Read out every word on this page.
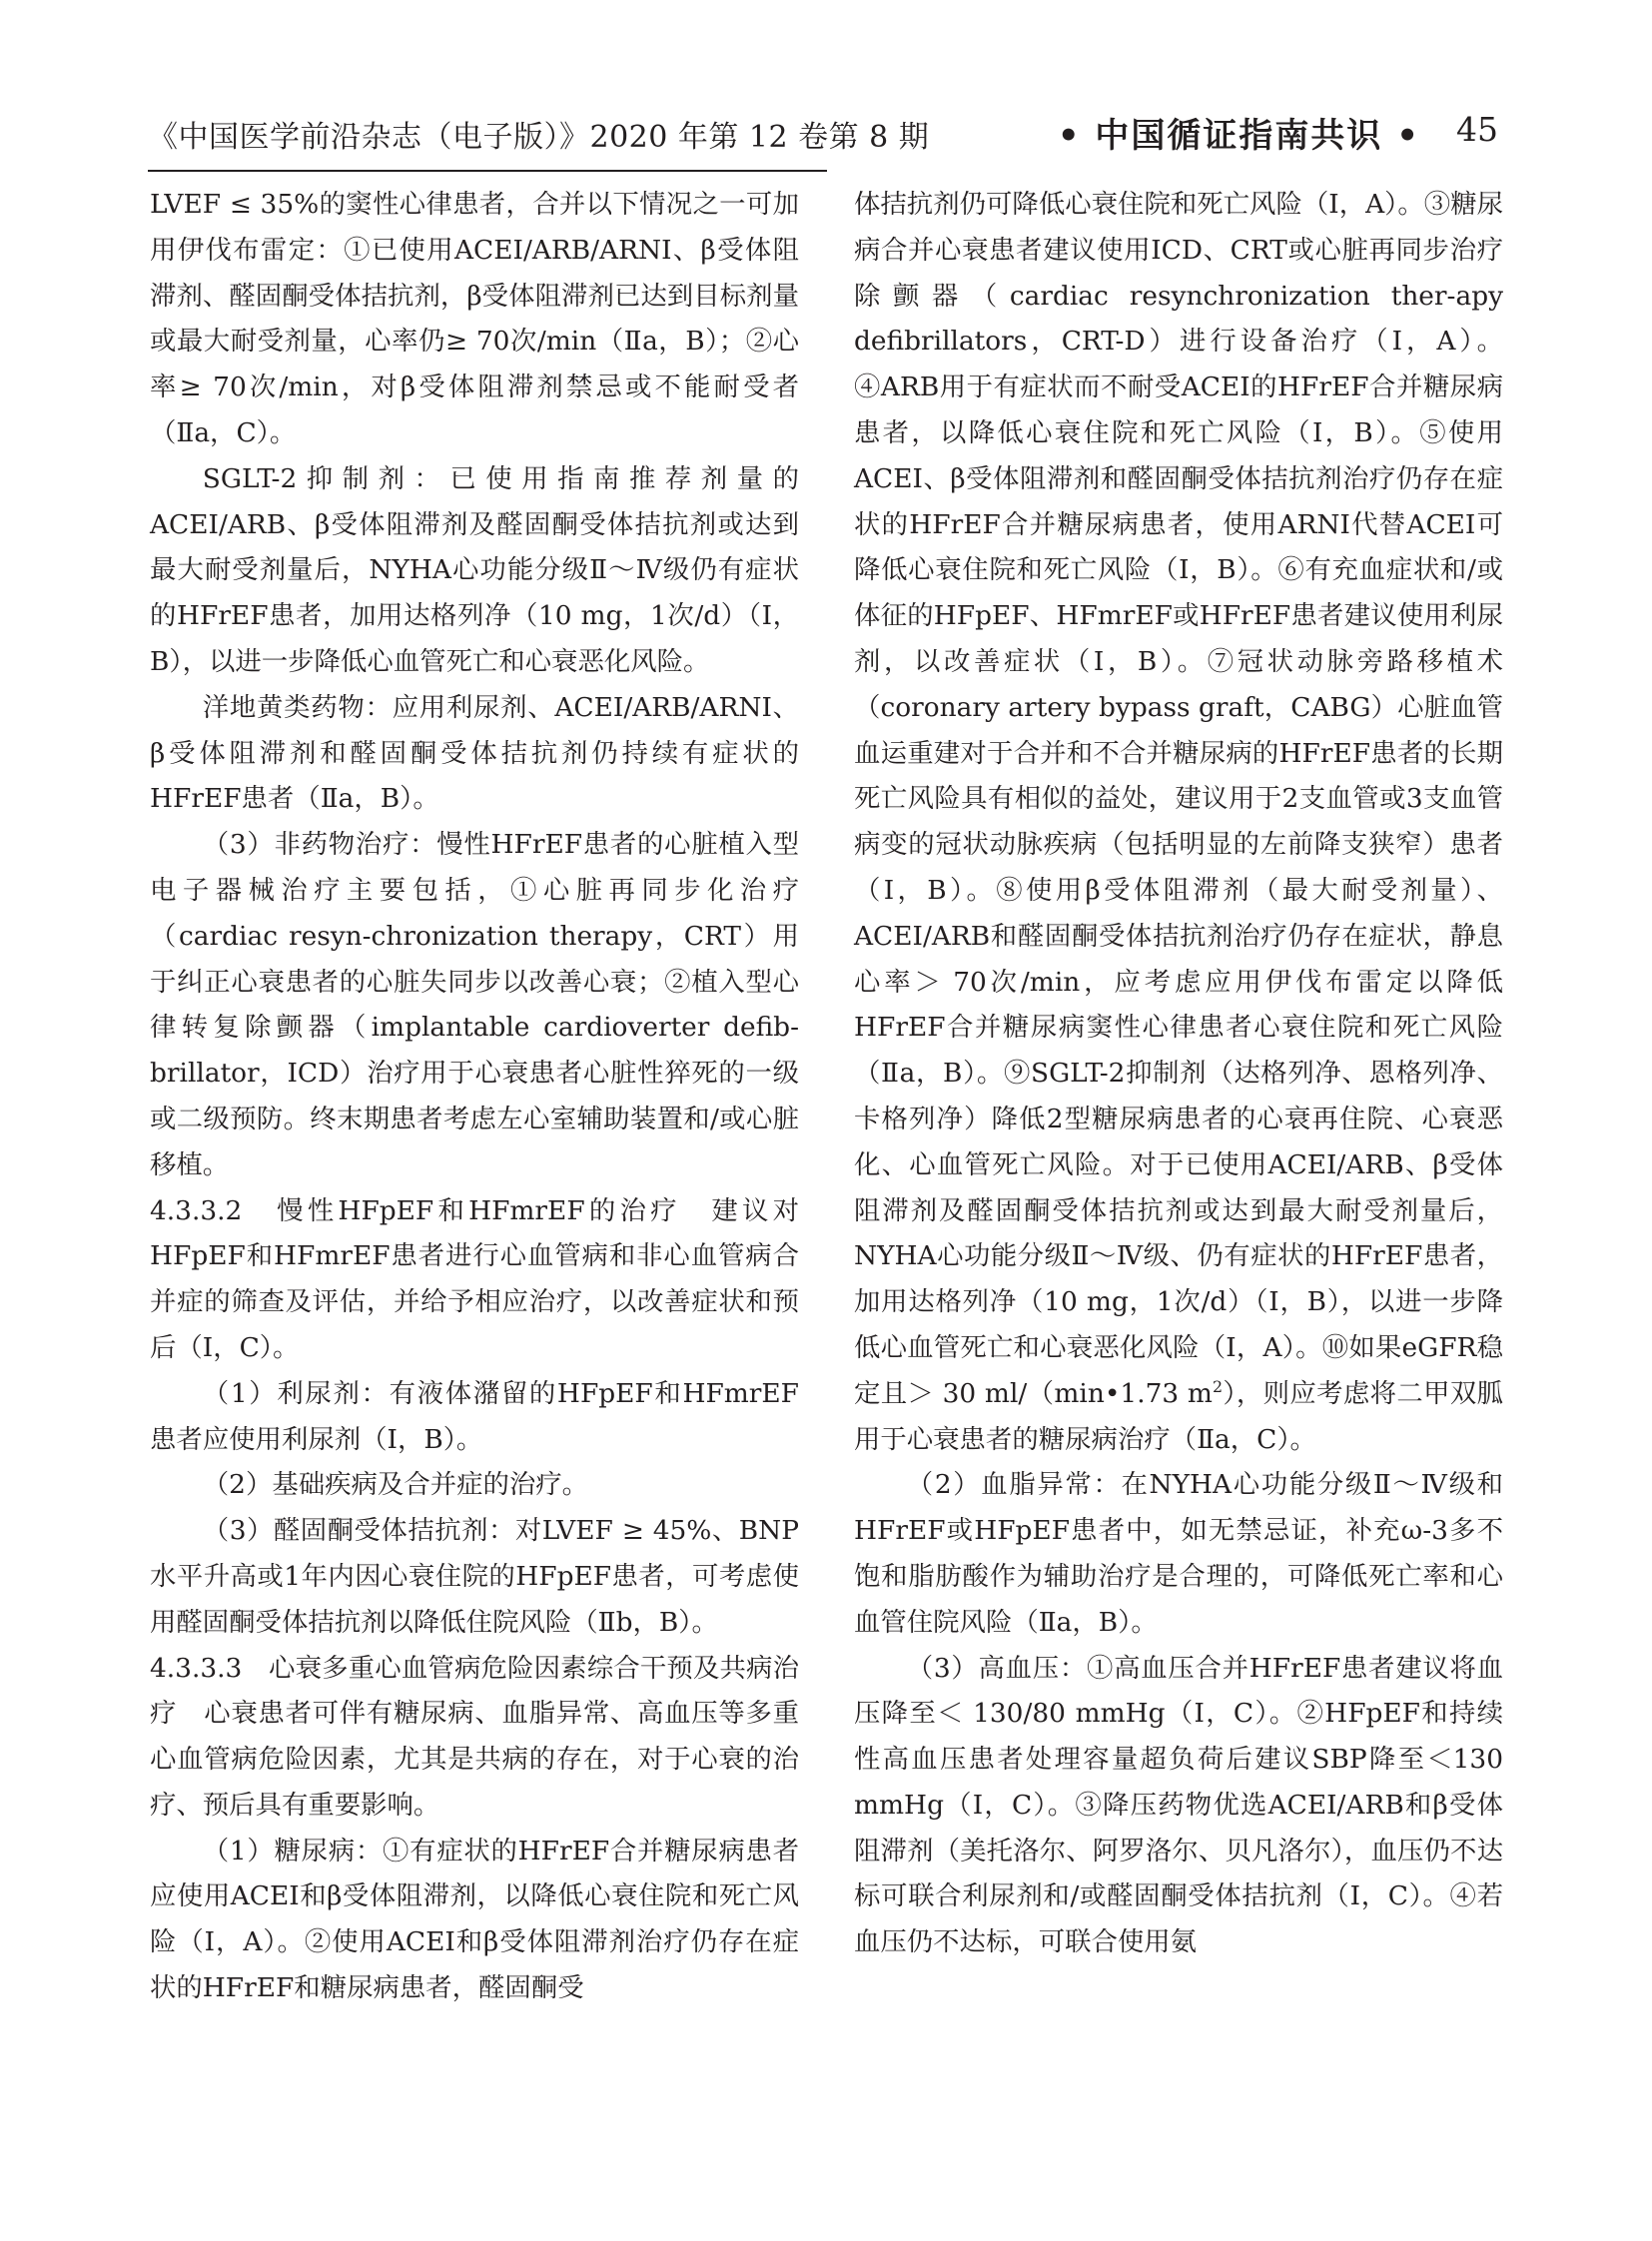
《中国医学前沿杂志（电子版）》2020 年第 12 卷第 8 期	• 中国循证指南共识 • 45

LVEF ≤ 35%的窦性心律患者，合并以下情况之一可加用伊伐布雷定：①已使用ACEI/ARB/ARNI、β受体阻滞剂、醛固酮受体拮抗剂，β受体阻滞剂已达到目标剂量或最大耐受剂量，心率仍≥ 70次/min（Ⅱa，B）；②心率≥ 70次/min，对β受体阻滞剂禁忌或不能耐受者（Ⅱa，C）。

SGLT-2抑制剂：已使用指南推荐剂量的ACEI/ARB、β受体阻滞剂及醛固酮受体拮抗剂或达到最大耐受剂量后，NYHA心功能分级Ⅱ～Ⅳ级仍有症状的HFrEF患者，加用达格列净（10 mg，1次/d）（Ⅰ，B），以进一步降低心血管死亡和心衰恶化风险。

洋地黄类药物：应用利尿剂、ACEI/ARB/ARNI、β受体阻滞剂和醛固酮受体拮抗剂仍持续有症状的HFrEF患者（Ⅱa，B）。

（3）非药物治疗：慢性HFrEF患者的心脏植入型电子器械治疗主要包括，①心脏再同步化治疗（cardiac resyn-chronization therapy，CRT）用于纠正心衰患者的心脏失同步以改善心衰；②植入型心律转复除颤器（implantable cardioverter defib-brillator，ICD）治疗用于心衰患者心脏性猝死的一级或二级预防。终末期患者考虑左心室辅助装置和/或心脏移植。

4.3.3.2　慢性HFpEF和HFmrEF的治疗　建议对HFpEF和HFmrEF患者进行心血管病和非心血管病合并症的筛查及评估，并给予相应治疗，以改善症状和预后（Ⅰ，C）。

（1）利尿剂：有液体潴留的HFpEF和HFmrEF患者应使用利尿剂（Ⅰ，B）。

（2）基础疾病及合并症的治疗。

（3）醛固酮受体拮抗剂：对LVEF ≥ 45%、BNP水平升高或1年内因心衰住院的HFpEF患者，可考虑使用醛固酮受体拮抗剂以降低住院风险（Ⅱb，B）。

4.3.3.3　心衰多重心血管病危险因素综合干预及共病治疗　心衰患者可伴有糖尿病、血脂异常、高血压等多重心血管病危险因素，尤其是共病的存在，对于心衰的治疗、预后具有重要影响。

（1）糖尿病：①有症状的HFrEF合并糖尿病患者应使用ACEI和β受体阻滞剂，以降低心衰住院和死亡风险（Ⅰ，A）。②使用ACEI和β受体阻滞剂治疗仍存在症状的HFrEF和糖尿病患者，醛固酮受

体拮抗剂仍可降低心衰住院和死亡风险（Ⅰ，A）。③糖尿病合并心衰患者建议使用ICD、CRT或心脏再同步治疗除颤器（cardiac resynchronization ther-apy defibrillators，CRT-D）进行设备治疗（Ⅰ，A）。④ARB用于有症状而不耐受ACEI的HFrEF合并糖尿病患者，以降低心衰住院和死亡风险（Ⅰ，B）。⑤使用ACEI、β受体阻滞剂和醛固酮受体拮抗剂治疗仍存在症状的HFrEF合并糖尿病患者，使用ARNI代替ACEI可降低心衰住院和死亡风险（Ⅰ，B）。⑥有充血症状和/或体征的HFpEF、HFmrEF或HFrEF患者建议使用利尿剂，以改善症状（Ⅰ，B）。⑦冠状动脉旁路移植术（coronary artery bypass graft，CABG）心脏血管血运重建对于合并和不合并糖尿病的HFrEF患者的长期死亡风险具有相似的益处，建议用于2支血管或3支血管病变的冠状动脉疾病（包括明显的左前降支狭窄）患者（Ⅰ，B）。⑧使用β受体阻滞剂（最大耐受剂量）、ACEI/ARB和醛固酮受体拮抗剂治疗仍存在症状，静息心率＞ 70次/min，应考虑应用伊伐布雷定以降低HFrEF合并糖尿病窦性心律患者心衰住院和死亡风险（Ⅱa，B）。⑨SGLT-2抑制剂（达格列净、恩格列净、卡格列净）降低2型糖尿病患者的心衰再住院、心衰恶化、心血管死亡风险。对于已使用ACEI/ARB、β受体阻滞剂及醛固酮受体拮抗剂或达到最大耐受剂量后，NYHA心功能分级Ⅱ～Ⅳ级、仍有症状的HFrEF患者，加用达格列净（10 mg，1次/d）（Ⅰ，B），以进一步降低心血管死亡和心衰恶化风险（Ⅰ，A）。⑩如果eGFR稳定且＞ 30 ml/（min•1.73 $m^2$），则应考虑将二甲双胍用于心衰患者的糖尿病治疗（Ⅱa，C）。

（2）血脂异常：在NYHA心功能分级Ⅱ～Ⅳ级和HFrEF或HFpEF患者中，如无禁忌证，补充ω-3多不饱和脂肪酸作为辅助治疗是合理的，可降低死亡率和心血管住院风险（Ⅱa，B）。

（3）高血压：①高血压合并HFrEF患者建议将血压降至＜ 130/80 mmHg（Ⅰ，C）。②HFpEF和持续性高血压患者处理容量超负荷后建议SBP降至＜130 mmHg（Ⅰ，C）。③降压药物优选ACEI/ARB和β受体阻滞剂（美托洛尔、阿罗洛尔、贝凡洛尔），血压仍不达标可联合利尿剂和/或醛固酮受体拮抗剂（Ⅰ，C）。④若血压仍不达标，可联合使用氨
